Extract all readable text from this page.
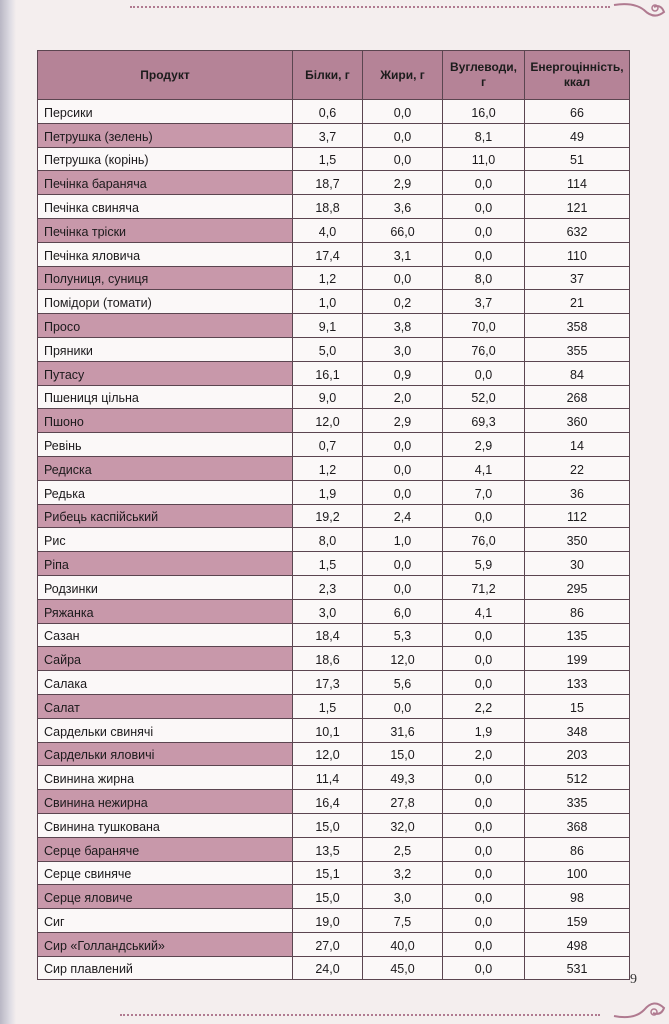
Продукт	Білки, г	Жири, г	Вуглеводи, г	Енергоцінність, ккал
Персики	0,6	0,0	16,0	66
Петрушка (зелень)	3,7	0,0	8,1	49
Петрушка (корінь)	1,5	0,0	11,0	51
Печінка бараняча	18,7	2,9	0,0	114
Печінка свиняча	18,8	3,6	0,0	121
Печінка тріски	4,0	66,0	0,0	632
Печінка яловича	17,4	3,1	0,0	110
Полуниця, суниця	1,2	0,0	8,0	37
Помідори (томати)	1,0	0,2	3,7	21
Просо	9,1	3,8	70,0	358
Пряники	5,0	3,0	76,0	355
Путасу	16,1	0,9	0,0	84
Пшениця цільна	9,0	2,0	52,0	268
Пшоно	12,0	2,9	69,3	360
Ревінь	0,7	0,0	2,9	14
Редиска	1,2	0,0	4,1	22
Редька	1,9	0,0	7,0	36
Рибець каспійський	19,2	2,4	0,0	112
Рис	8,0	1,0	76,0	350
Ріпа	1,5	0,0	5,9	30
Родзинки	2,3	0,0	71,2	295
Ряжанка	3,0	6,0	4,1	86
Сазан	18,4	5,3	0,0	135
Сайра	18,6	12,0	0,0	199
Салака	17,3	5,6	0,0	133
Салат	1,5	0,0	2,2	15
Сардельки свинячі	10,1	31,6	1,9	348
Сардельки яловичі	12,0	15,0	2,0	203
Свинина жирна	11,4	49,3	0,0	512
Свинина нежирна	16,4	27,8	0,0	335
Свинина тушкована	15,0	32,0	0,0	368
Серце бараняче	13,5	2,5	0,0	86
Серце свиняче	15,1	3,2	0,0	100
Серце яловиче	15,0	3,0	0,0	98
Сиг	19,0	7,5	0,0	159
Сир «Голландський»	27,0	40,0	0,0	498
Сир плавлений	24,0	45,0	0,0	531
9
